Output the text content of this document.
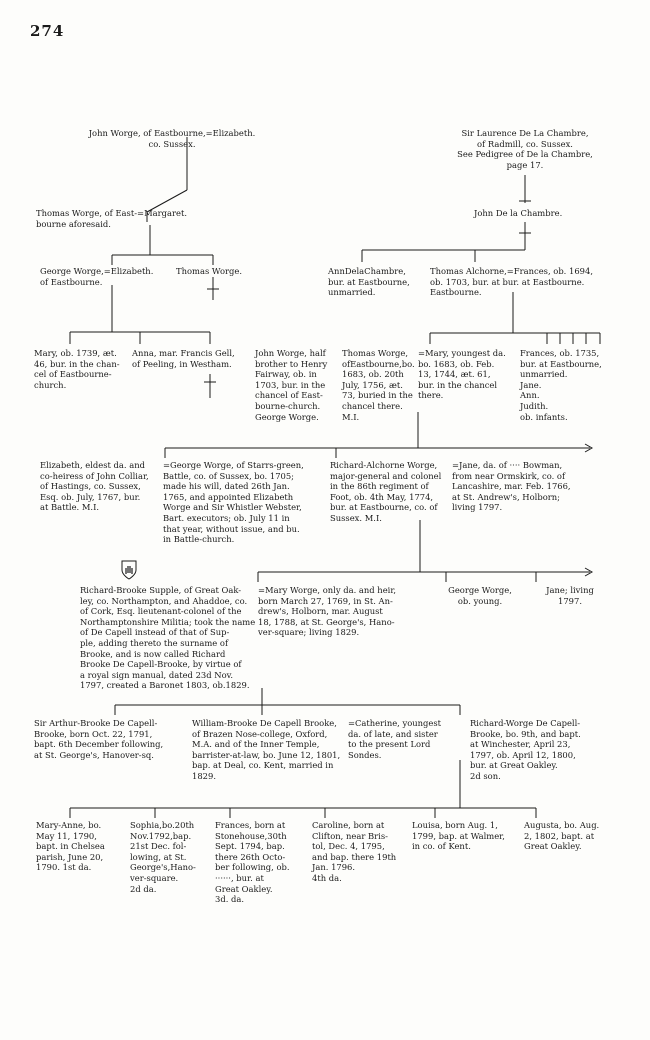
274
John Worge, of Eastbourne,=Elizabeth.
co. Sussex.
Sir Laurence De La Chambre,
of Radmill, co. Sussex.
See Pedigree of De la Chambre,
page 17.
Thomas Worge, of East-=Margaret.
bourne aforesaid.
John De la Chambre.
George Worge,=Elizabeth.
of Eastbourne.
Thomas Worge.	AnnDelaChambre,
bur. at Eastbourne,
unmarried.
Thomas Alchorne,=Frances, ob. 1694,
ob. 1703, bur. at bur. at Eastbourne.
Eastbourne.
Mary, ob. 1739, æt.
46, bur. in the chan-
cel of Eastbourne-
church.
Anna, mar. Francis Gell,
of Peeling, in Westham.
John Worge, half
brother to Henry
Fairway, ob. in
1703, bur. in the
chancel of East-
bourne-church.
George Worge.
Thomas Worge,
ofEastbourne,bo.
1683, ob. 20th
July, 1756, æt.
73, buried in the
chancel there.
M.I.
=Mary, youngest da.
bo. 1683, ob. Feb.
13, 1744, æt. 61,
bur. in the chancel
there.
Frances, ob. 1735,
bur. at Eastbourne,
unmarried.
Jane.
Ann.
Judith.
ob. infants.
Elizabeth, eldest da. and
co-heiress of John Colliar,
of Hastings, co. Sussex,
Esq. ob. July, 1767, bur.
at Battle. M.I.
=George Worge, of Starrs-green,
Battle, co. of Sussex, bo. 1705;
made his will, dated 26th Jan.
1765, and appointed Elizabeth
Worge and Sir Whistler Webster,
Bart. executors; ob. July 11 in
that year, without issue, and bu.
in Battle-church.
Richard-Alchorne Worge,
major-general and colonel
in the 86th regiment of
Foot, ob. 4th May, 1774,
bur. at Eastbourne, co. of
Sussex. M.I.
=Jane, da. of ···· Bowman,
from near Ormskirk, co. of
Lancashire, mar. Feb. 1766,
at St. Andrew's, Holborn;
living 1797.
Richard-Brooke Supple, of Great Oak-
ley, co. Northampton, and Ahaddoe, co.
of Cork, Esq. lieutenant-colonel of the
Northamptonshire Militia; took the name
of De Capell instead of that of Sup-
ple, adding thereto the surname of
Brooke, and is now called Richard
Brooke De Capell-Brooke, by virtue of
a royal sign manual, dated 23d Nov.
1797, created a Baronet 1803, ob.1829.
=Mary Worge, only da. and heir,
born March 27, 1769, in St. An-
drew's, Holborn, mar. August
18, 1788, at St. George's, Hano-
ver-square; living 1829.
George Worge,
ob. young.
Jane; living
1797.
Sir Arthur-Brooke De Capell-
Brooke, born Oct. 22, 1791,
bapt. 6th December following,
at St. George's, Hanover-sq.
William-Brooke De Capell Brooke,
of Brazen Nose-college, Oxford,
M.A. and of the Inner Temple,
barrister-at-law, bo. June 12, 1801,
bap. at Deal, co. Kent, married in
1829.
=Catherine, youngest
da. of late, and sister
to the present Lord
Sondes.
Richard-Worge De Capell-
Brooke, bo. 9th, and bapt.
at Winchester, April 23,
1797, ob. April 12, 1800,
bur. at Great Oakley.
2d son.
Mary-Anne, bo.
May 11, 1790,
bapt. in Chelsea
parish, June 20,
1790. 1st da.
Sophia,bo.20th
Nov.1792,bap.
21st Dec. fol-
lowing, at St.
George's,Hano-
ver-square.
2d da.
Frances, born at
Stonehouse,30th
Sept. 1794, bap.
there 26th Octo-
ber following, ob.
······, bur. at
Great Oakley.
3d. da.
Caroline, born at
Clifton, near Bris-
tol, Dec. 4, 1795,
and bap. there 19th
Jan. 1796.
4th da.
Louisa, born Aug. 1,
1799, bap. at Walmer,
in co. of Kent.
Augusta, bo. Aug.
2, 1802, bapt. at
Great Oakley.
